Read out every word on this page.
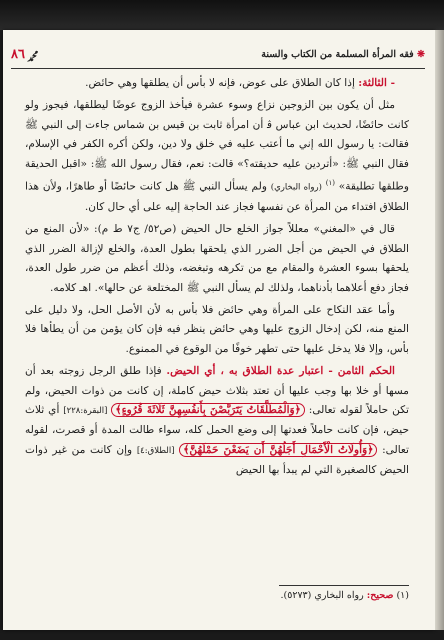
❋ فقه المرأة المسلمة من الكتاب والسنة
ﷴ
٨٦

- الثالثة: إذا كان الطلاق على عوض، فإنه لا بأس أن يطلقها وهي حائض.

مثل أن يكون بين الزوجين نزاع وسوء عشرة فيأخذ الزوج عوضًا ليطلقها، فيجوز ولو كانت حائضًا، لحديث ابن عباس ﭬ أن امرأة ثابت بن قيس بن شماس جاءت إلى النبي ﷺ فقالت: يا رسول الله إني ما أعتب عليه في خلق ولا دين، ولكن أكره الكفر في الإسلام، فقال النبي ﷺ: «أتردين عليه حديقته؟» قالت: نعم، فقال رسول الله ﷺ: «اقبل الحديقة وطلقها تطليقة» $^{(١)}$ (رواه البخاري) ولم يسأل النبي ﷺ هل كانت حائضًا أو طاهرًا، ولأن هذا الطلاق افتداء من المرأة عن نفسها فجاز عند الحاجة إليه على أي حال كان.

قال في «المغني» معللاً جواز الخلع حال الحيض (ص٥٢/ ج٧ ط م): «لأن المنع من الطلاق في الحيض من أجل الضرر الذي يلحقها بطول العدة، والخلع لإزالة الضرر الذي يلحقها بسوء العشرة والمقام مع من تكرهه وتبغضه، وذلك أعظم من ضرر طول العدة، فجاز دفع أعلاهما بأدناهما، ولذلك لم يسأل النبي ﷺ المختلعة عن حالها». اهـ كلامه.

وأما عقد النكاح على المرأة وهي حائض فلا بأس به لأن الأصل الحل، ولا دليل على المنع منه، لكن إدخال الزوج عليها وهي حائض ينظر فيه فإن كان يؤمن من أن يطأها فلا بأس، وإلا فلا يدخل عليها حتى تطهر خوفًا من الوقوع في الممنوع.

الحكم الثامن - اعتبار عدة الطلاق به ، أي الحيض. فإذا طلق الرجل زوجته بعد أن مسها أو خلا بها وجب عليها أن تعتد بثلاث حيض كاملة، إن كانت من ذوات الحيض، ولم تكن حاملاً لقوله تعالى: ﴿وَالْمُطَلَّقَاتُ يَتَرَبَّصْنَ بِأَنفُسِهِنَّ ثَلَاثَةَ قُرُوءٍ﴾ [البقرة:٢٢٨] أي ثلاث حيض، فإن كانت حاملاً فعدتها إلى وضع الحمل كله، سواء طالت المدة أو قصرت، لقوله تعالى: ﴿وَأُولَاتُ الْأَحْمَالِ أَجَلُهُنَّ أَن يَضَعْنَ حَمْلَهُنَّ﴾ [الطلاق:٤] وإن كانت من غير ذوات الحيض كالصغيرة التي لم يبدأ بها الحيض

(١) صحيح: رواه البخاري (٥٢٧٣).
